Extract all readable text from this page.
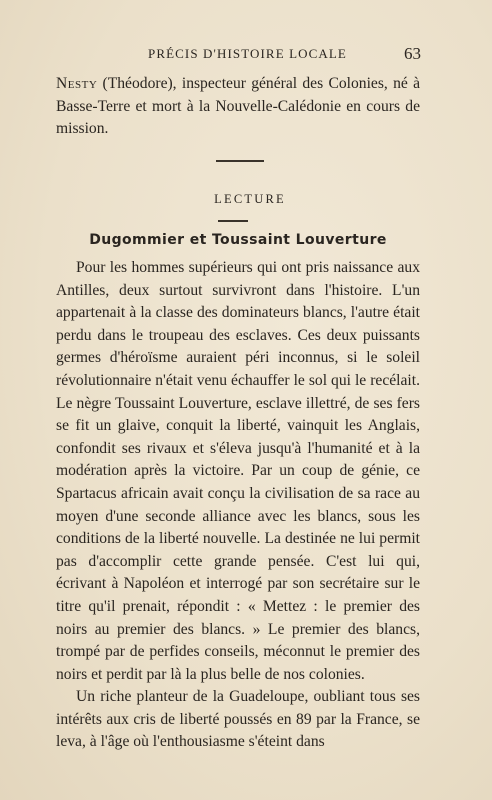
PRÉCIS D'HISTOIRE LOCALE	63
Nesty (Théodore), inspecteur général des Colonies, né à Basse-Terre et mort à la Nouvelle-Calédonie en cours de mission.
LECTURE
Dugommier et Toussaint Louverture

Pour les hommes supérieurs qui ont pris naissance aux Antilles, deux surtout survivront dans l'histoire. L'un appartenait à la classe des dominateurs blancs, l'autre était perdu dans le troupeau des esclaves. Ces deux puissants germes d'héroïsme auraient péri inconnus, si le soleil révolutionnaire n'était venu échauffer le sol qui le recélait. Le nègre Toussaint Louverture, esclave illettré, de ses fers se fit un glaive, conquit la liberté, vainquit les Anglais, confondit ses rivaux et s'éleva jusqu'à l'humanité et à la modération après la victoire. Par un coup de génie, ce Spartacus africain avait conçu la civilisation de sa race au moyen d'une seconde alliance avec les blancs, sous les conditions de la liberté nouvelle. La destinée ne lui permit pas d'accomplir cette grande pensée. C'est lui qui, écrivant à Napoléon et interrogé par son secrétaire sur le titre qu'il prenait, répondit : « Mettez : le premier des noirs au premier des blancs. » Le premier des blancs, trompé par de perfides conseils, méconnut le premier des noirs et perdit par là la plus belle de nos colonies.

Un riche planteur de la Guadeloupe, oubliant tous ses intérêts aux cris de liberté poussés en 89 par la France, se leva, à l'âge où l'enthousiasme s'éteint dans
